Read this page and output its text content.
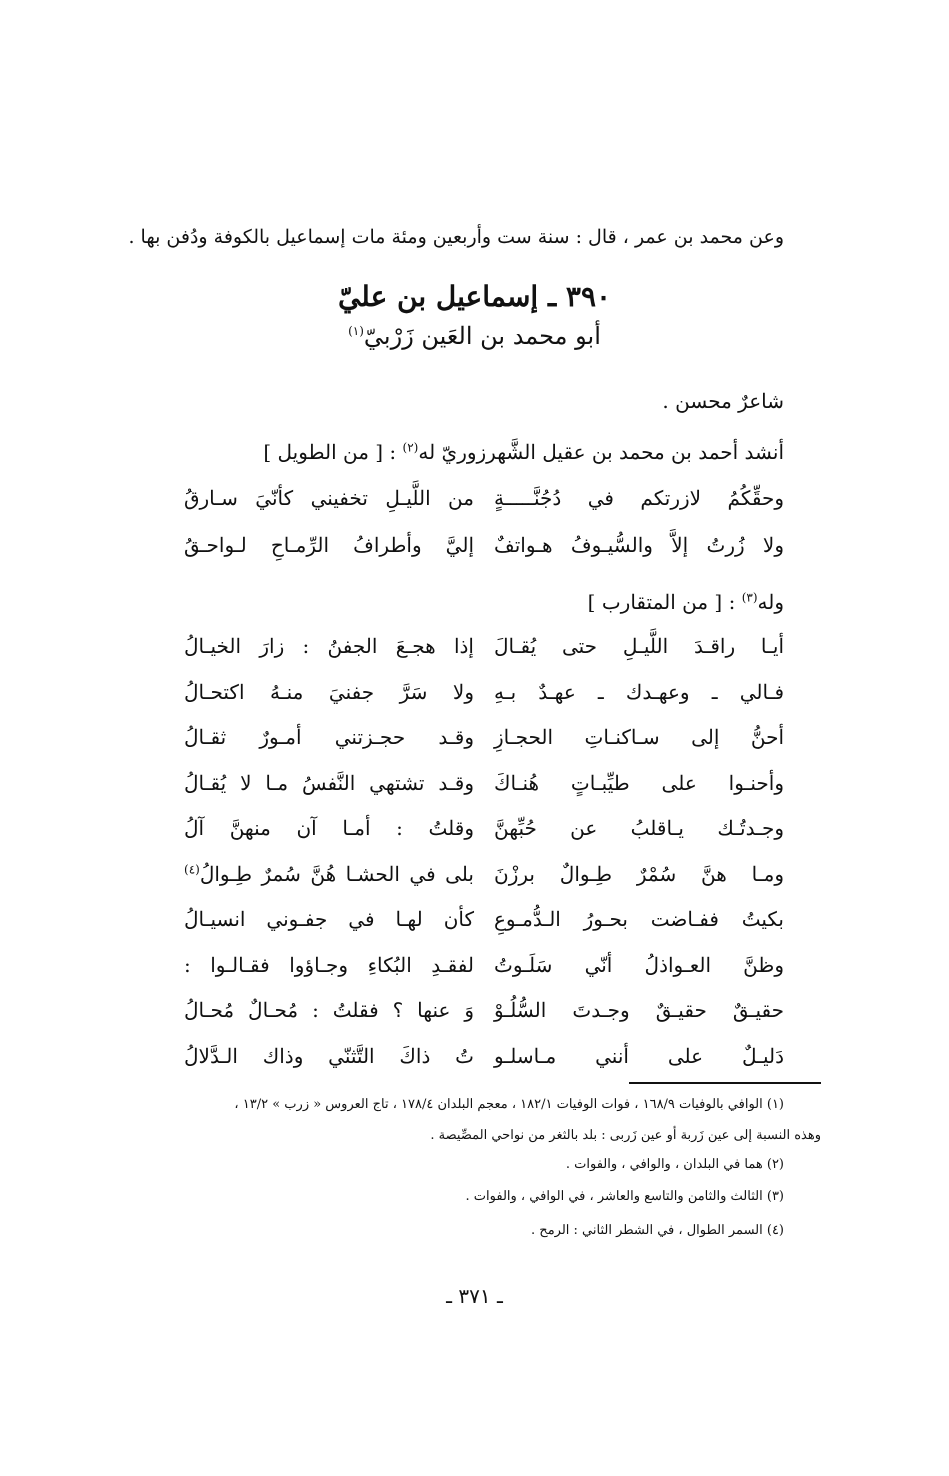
وعن محمد بن عمر ، قال : سنة ست وأربعين ومئة مات إسماعيل بالكوفة ودُفن بها .
٣٩٠ ـ إسماعيل بن عليّ
أبو محمد بن العَين زَرْبيّ$^{(١)}$
شاعرٌ محسن .
أنشد أحمد بن محمد بن عقيل الشَّهرزوريّ له$^{(٢)}$ : [ من الطويل ]
وحقِّكُمُ لازرتكم في دُجُنَّـــــةٍ
من اللَّيـلِ تخفيني كأنّيَ سـارقُ
ولا زُرتُ إلاَّ والسُّيـوفُ هـواتفٌ
إليَّ وأطرافُ الرِّمـاحِ لـواحـقُ
وله$^{(٣)}$ : [ من المتقارب ]
أيـا راقـدَ اللَّيـلِ حتى يُقـالَ
إذا هجـعَ الجفنُ : زارَ الخيـالُ
فـالي ـ وعهـدك ـ عهـدٌ بـهِ
ولا سَرَّ جفنيَ منـهُ اكتحـالُ
أحنُّ إلى سـاكنـاتِ الحجـازِ
وقـد حجـزتني أمـورٌ ثقـالُ
وأحنـوا على طيِّبـاتٍ هُنـاكَ
وقـد تشتهي النَّفسُ مـا لا يُقـالُ
وجـدتُـك يـاقلبُ عن حُبِّهنَّ
وقلتُ : أمـا آن منهنَّ آلُ
ومـا هنَّ سُمْرٌ طِـوالٌ برزْنَ
بلى في الحشـا هُنَّ سُمرٌ طِـوالُ$^{(٤)}$
بكيتُ ففـاضت بحـورُ الـدُّمـوعِ
كأن لهـا في جفـوني انسيـالُ
وظنَّ العـواذلُ أنّي سَلَـوتُ
لفقـدِ البُكاءِ وجـاؤوا فقـالـوا :
حقيـقٌ حقيـقٌ وجـدتَ السُّلُـوْ
وَ عنها ؟ فقلتُ : مُحـالٌ مُحـالُ
دَليـلٌ على أنني مـاسلـو
تُ ذاكَ التَّثنّي وذاك الـدَّلالُ
(١) الوافي بالوفيات ١٦٨/٩ ، فوات الوفيات ١٨٢/١ ، معجم البلدان ١٧٨/٤ ، تاج العروس « زرب » ١٣/٢ ،
وهذه النسبة إلى عين زَربة أو عين زَربى : بلد بالثغر من نواحي المصِّيصة .
(٢) هما في البلدان ، والوافي ، والفوات .
(٣) الثالث والثامن والتاسع والعاشر ، في الوافي ، والفوات .
(٤) السمر الطوال ، في الشطر الثاني : الرمح .
ـ ٣٧١ ـ
